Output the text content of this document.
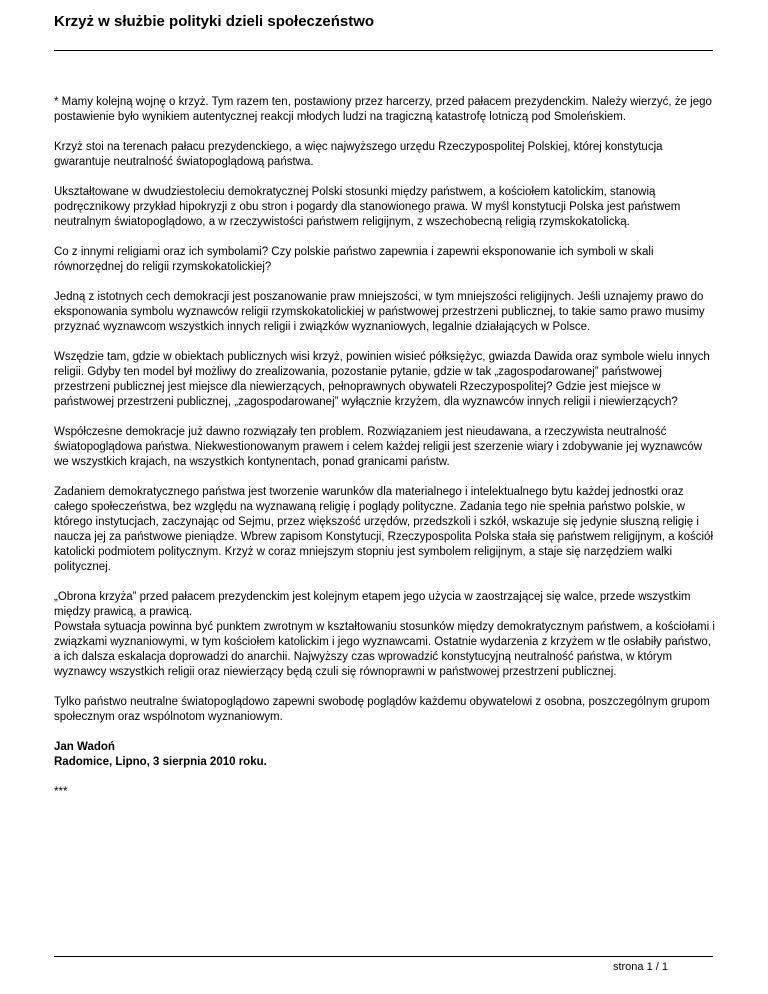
Krzyż w służbie polityki dzieli społeczeństwo

* Mamy kolejną wojnę o krzyż. Tym razem ten, postawiony przez harcerzy, przed pałacem prezydenckim. Należy wierzyć, że jego postawienie było wynikiem autentycznej reakcji młodych ludzi na tragiczną katastrofę lotniczą pod Smoleńskiem.

Krzyż stoi na terenach pałacu prezydenckiego, a więc najwyższego urzędu Rzeczypospolitej Polskiej, której konstytucja gwarantuje neutralność światopoglądową państwa.

Ukształtowane w dwudziestoleciu demokratycznej Polski stosunki między państwem, a kościołem katolickim, stanowią podręcznikowy przykład hipokryzji z obu stron i pogardy dla stanowionego prawa. W myśl konstytucji Polska jest państwem neutralnym światopoglądowo, a w rzeczywistości państwem religijnym, z wszechobecną religią rzymskokatolicką.

Co z innymi religiami oraz ich symbolami? Czy polskie państwo zapewnia i zapewni eksponowanie ich symboli w skali równorzędnej do religii rzymskokatolickiej?

Jedną z istotnych cech demokracji jest poszanowanie praw mniejszości, w tym mniejszości religijnych. Jeśli uznajemy prawo do eksponowania symbolu wyznawców religii rzymskokatolickiej w państwowej przestrzeni publicznej, to takie samo prawo musimy przyznać wyznawcom wszystkich innych religii i związków wyznaniowych, legalnie działających w Polsce.

Wszędzie tam, gdzie w obiektach publicznych wisi krzyż, powinien wisieć półksiężyc, gwiazda Dawida oraz symbole wielu innych religii. Gdyby ten model był możliwy do zrealizowania, pozostanie pytanie, gdzie w tak „zagospodarowanej” państwowej przestrzeni publicznej jest miejsce dla niewierzących, pełnoprawnych obywateli Rzeczypospolitej? Gdzie jest miejsce w państwowej przestrzeni publicznej, „zagospodarowanej” wyłącznie krzyżem, dla wyznawców innych religii i niewierzących?

Współczesne demokracje już dawno rozwiązały ten problem. Rozwiązaniem jest nieudawana, a rzeczywista neutralność światopoglądowa państwa. Niekwestionowanym prawem i celem każdej religii jest szerzenie wiary i zdobywanie jej wyznawców we wszystkich krajach, na wszystkich kontynentach, ponad granicami państw.

Zadaniem demokratycznego państwa jest tworzenie warunków dla materialnego i intelektualnego bytu każdej jednostki oraz całego społeczeństwa, bez względu na wyznawaną religię i poglądy polityczne. Zadania tego nie spełnia państwo polskie, w którego instytucjach, zaczynając od Sejmu, przez większość urzędów, przedszkoli i szkół, wskazuje się jedynie słuszną religię i naucza jej za państwowe pieniądze. Wbrew zapisom Konstytucji, Rzeczypospolita Polska stała się państwem religijnym, a kościół katolicki podmiotem politycznym. Krzyż w coraz mniejszym stopniu jest symbolem religijnym, a staje się narzędziem walki politycznej.

„Obrona krzyża” przed pałacem prezydenckim jest kolejnym etapem jego użycia w zaostrzającej się walce, przede wszystkim między prawicą, a prawicą.
Powstała sytuacja powinna być punktem zwrotnym w kształtowaniu stosunków między demokratycznym państwem, a kościołami i związkami wyznaniowymi, w tym kościołem katolickim i jego wyznawcami. Ostatnie wydarzenia z krzyżem w tle osłabiły państwo, a ich dalsza eskalacja doprowadzi do anarchii. Najwyższy czas wprowadzić konstytucyjną neutralność państwa, w którym wyznawcy wszystkich religii oraz niewierzący będą czuli się równoprawni w państwowej przestrzeni publicznej.

Tylko państwo neutralne światopoglądowo zapewni swobodę poglądów każdemu obywatelowi z osobna, poszczególnym grupom społecznym oraz wspólnotom wyznaniowym.

Jan Wadoń
Radomice, Lipno, 3 sierpnia 2010 roku.

***

strona 1 / 1
